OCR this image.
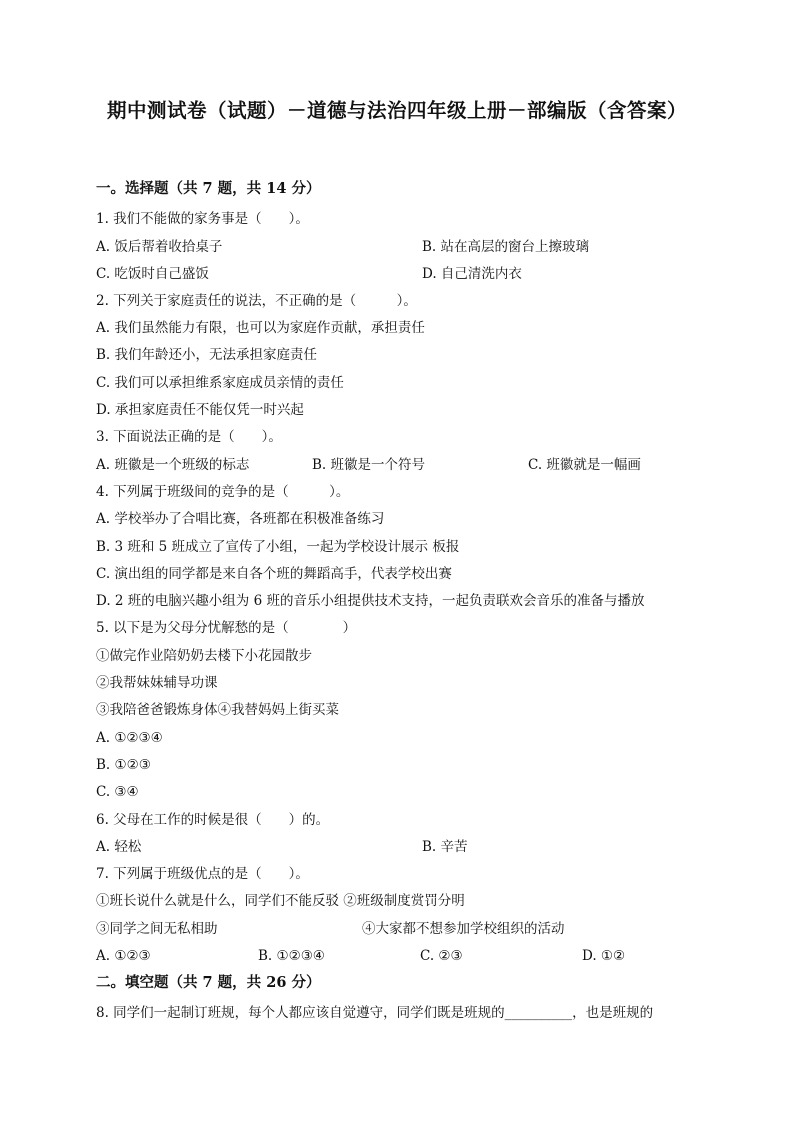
期中测试卷（试题）－道德与法治四年级上册－部编版（含答案）
一。选择题（共 7 题，共 14 分）
1. 我们不能做的家务事是（　　）。
A. 饭后帮着收拾桌子	B. 站在高层的窗台上擦玻璃
C. 吃饭时自己盛饭	D. 自己清洗内衣
2. 下列关于家庭责任的说法，不正确的是（　　　）。
A. 我们虽然能力有限，也可以为家庭作贡献，承担责任
B. 我们年龄还小，无法承担家庭责任
C. 我们可以承担维系家庭成员亲情的责任
D. 承担家庭责任不能仅凭一时兴起
3. 下面说法正确的是（　　）。
A. 班徽是一个班级的标志	B. 班徽是一个符号	C. 班徽就是一幅画
4. 下列属于班级间的竞争的是（　　　）。
A. 学校举办了合唱比赛，各班都在积极准备练习
B. 3 班和 5 班成立了宣传了小组，一起为学校设计展示 板报
C. 演出组的同学都是来自各个班的舞蹈高手，代表学校出赛
D. 2 班的电脑兴趣小组为 6 班的音乐小组提供技术支持，一起负责联欢会音乐的准备与播放
5. 以下是为父母分忧解愁的是（　　　　）
①做完作业陪奶奶去楼下小花园散步
②我帮妹妹辅导功课
③我陪爸爸锻炼身体④我替妈妈上街买菜
A. ①②③④
B. ①②③
C. ③④
6. 父母在工作的时候是很（　　）的。
A. 轻松	B. 辛苦
7. 下列属于班级优点的是（　　）。
①班长说什么就是什么，同学们不能反驳 ②班级制度赏罚分明
③同学之间无私相助	④大家都不想参加学校组织的活动
A. ①②③	B. ①②③④	C. ②③	D. ①②
二。填空题（共 7 题，共 26 分）
8. 同学们一起制订班规，每个人都应该自觉遵守，同学们既是班规的__________，也是班规的
